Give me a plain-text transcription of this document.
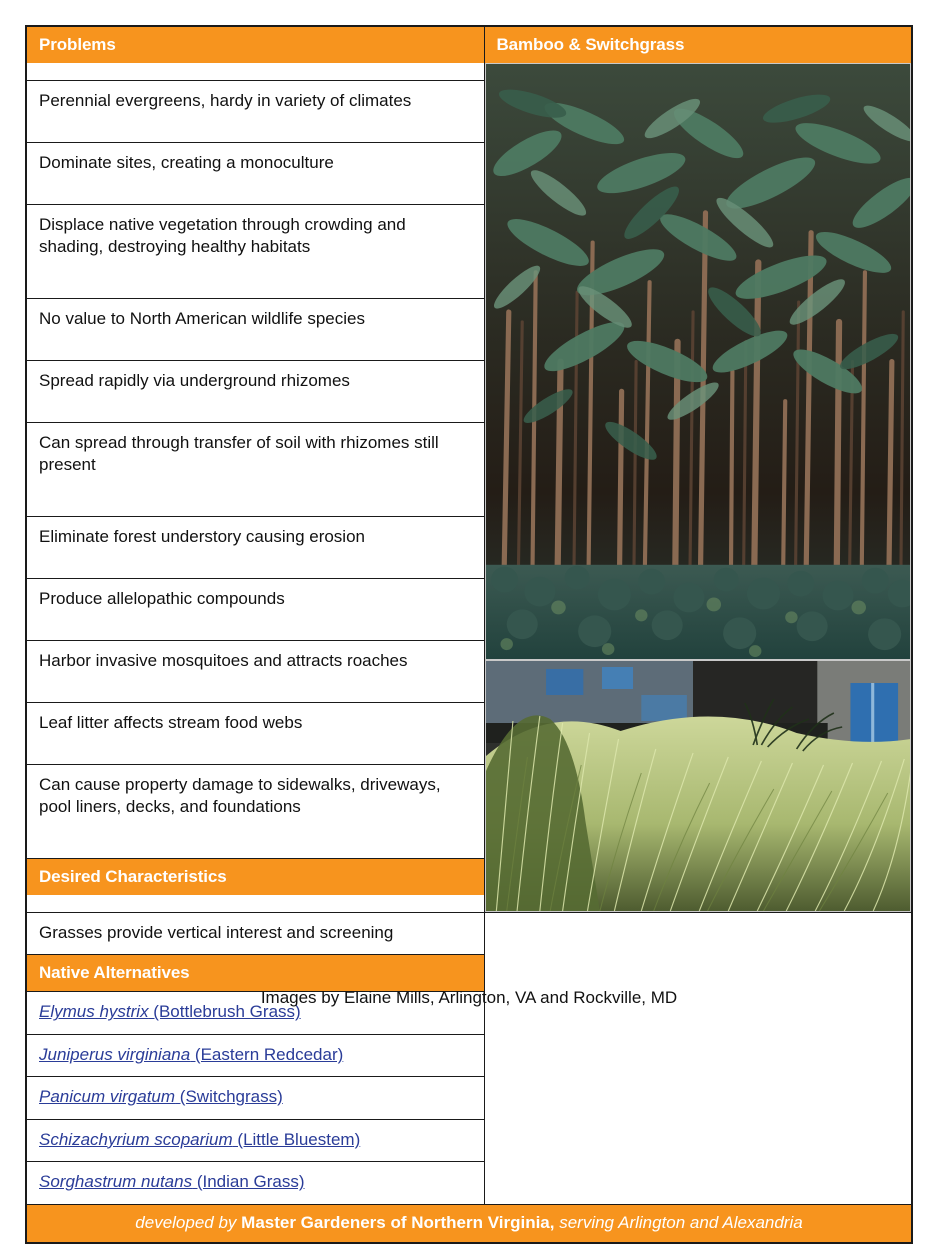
Problems	Bamboo & Switchgrass

Perennial evergreens, hardy in variety of climates

Dominate sites, creating a monoculture

Displace native vegetation through crowding and shading, destroying healthy habitats

No value to North American wildlife species

Spread rapidly via underground rhizomes

Can spread through transfer of soil with rhizomes still present

Eliminate forest understory causing erosion

Produce allelopathic compounds

Harbor invasive mosquitoes and attracts roaches

Leaf litter affects stream food webs

Can cause property damage to sidewalks, driveways, pool liners, decks, and foundations

Desired Characteristics

Grasses provide vertical interest and screening

Native Alternatives

Elymus hystrix (Bottlebrush Grass)

Juniperus virginiana (Eastern Redcedar)

Panicum virgatum (Switchgrass)

Schizachyrium scoparium (Little Bluestem)

Sorghastrum nutans (Indian Grass)

developed by Master Gardeners of Northern Virginia, serving Arlington and Alexandria
Images by Elaine Mills, Arlington, VA and Rockville, MD
